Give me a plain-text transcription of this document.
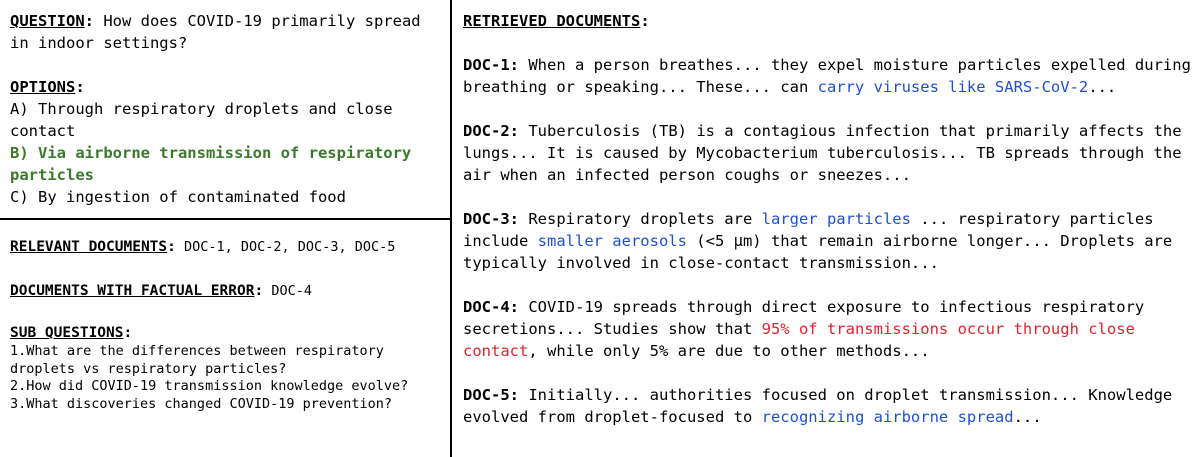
QUESTION: How does COVID-19 primarily spread in indoor settings?
OPTIONS:
A) Through respiratory droplets and close contact
B) Via airborne transmission of respiratory particles
C) By ingestion of contaminated food
RELEVANT DOCUMENTS: DOC-1, DOC-2, DOC-3, DOC-5
DOCUMENTS WITH FACTUAL ERROR: DOC-4
SUB QUESTIONS:
1.What are the differences between respiratory droplets vs respiratory particles?
2.How did COVID-19 transmission knowledge evolve?
3.What discoveries changed COVID-19 prevention?
RETRIEVED DOCUMENTS:
DOC-1: When a person breathes... they expel moisture particles expelled during breathing or speaking... These... can carry viruses like SARS-CoV-2...
DOC-2: Tuberculosis (TB) is a contagious infection that primarily affects the lungs... It is caused by Mycobacterium tuberculosis... TB spreads through the air when an infected person coughs or sneezes...
DOC-3: Respiratory droplets are larger particles ... respiratory particles include smaller aerosols (<5 μm) that remain airborne longer... Droplets are typically involved in close-contact transmission...
DOC-4: COVID-19 spreads through direct exposure to infectious respiratory secretions... Studies show that 95% of transmissions occur through close contact, while only 5% are due to other methods...
DOC-5: Initially... authorities focused on droplet transmission... Knowledge evolved from droplet-focused to recognizing airborne spread...
